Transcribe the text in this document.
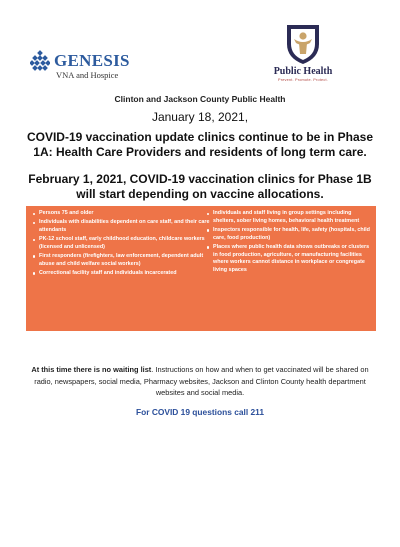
GENESIS
VNA and Hospice	Public Health
Prevent. Promote. Protect.
Clinton and Jackson County Public Health
January 18, 2021,
COVID-19 vaccination update clinics continue to be in Phase 1A: Health Care Providers and residents of long term care.
February 1, 2021, COVID-19 vaccination clinics for Phase 1B will start depending on vaccine allocations.
Persons 75 and older
Individuals with disabilities dependent on care staff, and their care attendants
PK-12 school staff, early childhood education, childcare workers (licensed and unlicensed)
First responders (firefighters, law enforcement, dependent adult abuse and child welfare social workers)
Correctional facility staff and individuals incarcerated
Individuals and staff living in group settings including shelters, sober living homes, behavioral health treatment
Inspectors responsible for health, life, safety (hospitals, child care, food production)
Places where public health data shows outbreaks or clusters in food production, agriculture, or manufacturing facilities where workers cannot distance in workplace or congregate living spaces
At this time there is no waiting list. Instructions on how and when to get vaccinated will be shared on radio, newspapers, social media, Pharmacy websites, Jackson and Clinton County health department websites and social media.
For COVID 19 questions call 211
